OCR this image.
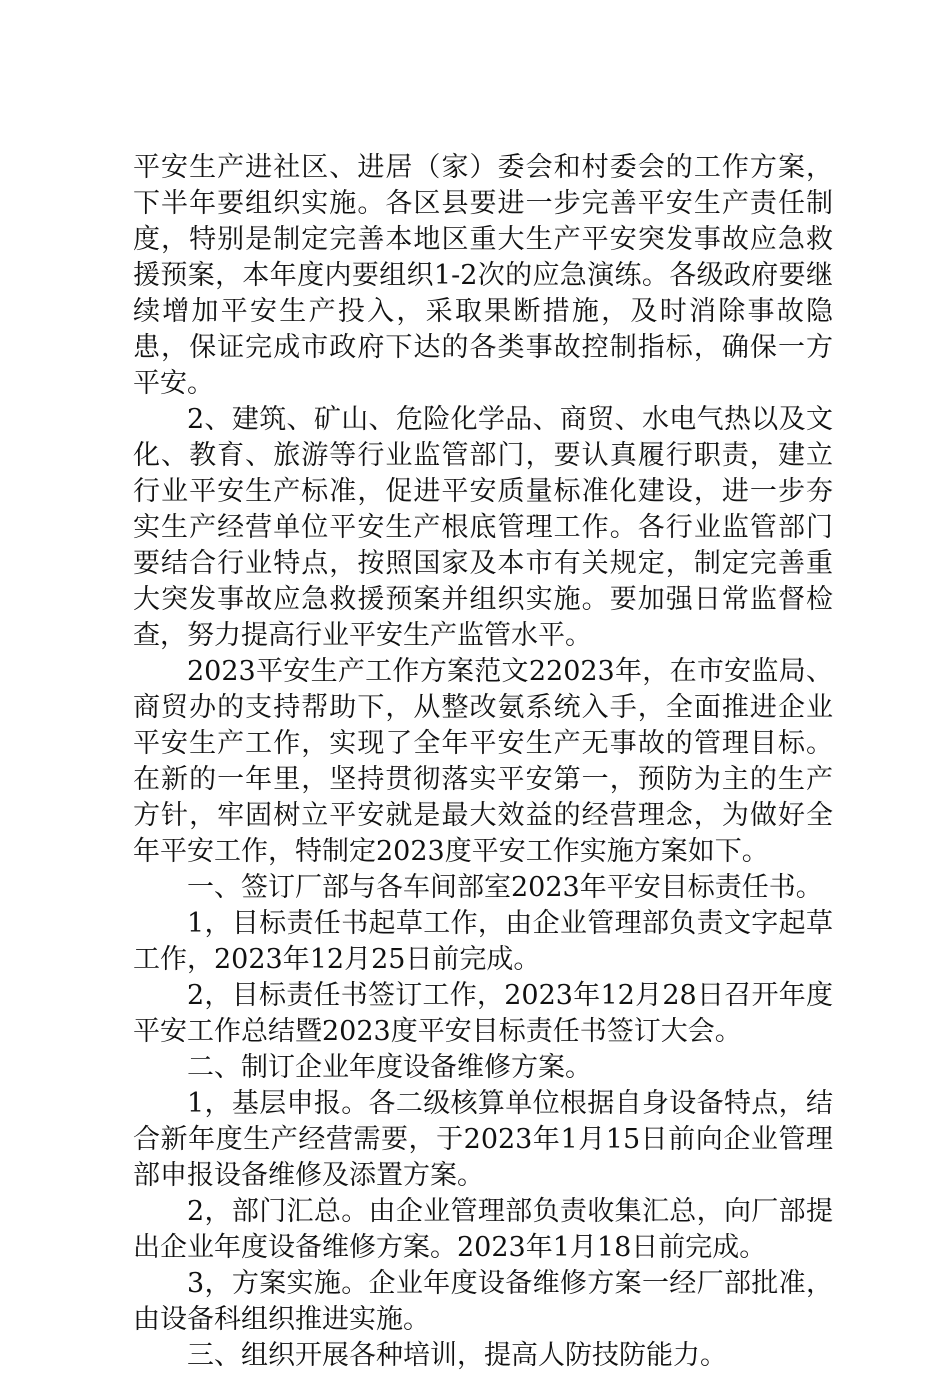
平安生产进社区、进居（家）委会和村委会的工作方案，下半年要组织实施。各区县要进一步完善平安生产责任制度，特别是制定完善本地区重大生产平安突发事故应急救援预案，本年度内要组织1-2次的应急演练。各级政府要继续增加平安生产投入，采取果断措施，及时消除事故隐患，保证完成市政府下达的各类事故控制指标，确保一方平安。

2、建筑、矿山、危险化学品、商贸、水电气热以及文化、教育、旅游等行业监管部门，要认真履行职责，建立行业平安生产标准，促进平安质量标准化建设，进一步夯实生产经营单位平安生产根底管理工作。各行业监管部门要结合行业特点，按照国家及本市有关规定，制定完善重大突发事故应急救援预案并组织实施。要加强日常监督检查，努力提高行业平安生产监管水平。

2023平安生产工作方案范文22023年，在市安监局、商贸办的支持帮助下，从整改氨系统入手，全面推进企业平安生产工作，实现了全年平安生产无事故的管理目标。在新的一年里，坚持贯彻落实平安第一，预防为主的生产方针，牢固树立平安就是最大效益的经营理念，为做好全年平安工作，特制定2023度平安工作实施方案如下。

一、签订厂部与各车间部室2023年平安目标责任书。

1，目标责任书起草工作，由企业管理部负责文字起草工作，2023年12月25日前完成。

2，目标责任书签订工作，2023年12月28日召开年度平安工作总结暨2023度平安目标责任书签订大会。

二、制订企业年度设备维修方案。

1，基层申报。各二级核算单位根据自身设备特点，结合新年度生产经营需要，于2023年1月15日前向企业管理部申报设备维修及添置方案。

2，部门汇总。由企业管理部负责收集汇总，向厂部提出企业年度设备维修方案。2023年1月18日前完成。

3，方案实施。企业年度设备维修方案一经厂部批准，由设备科组织推进实施。

三、组织开展各种培训，提高人防技防能力。
